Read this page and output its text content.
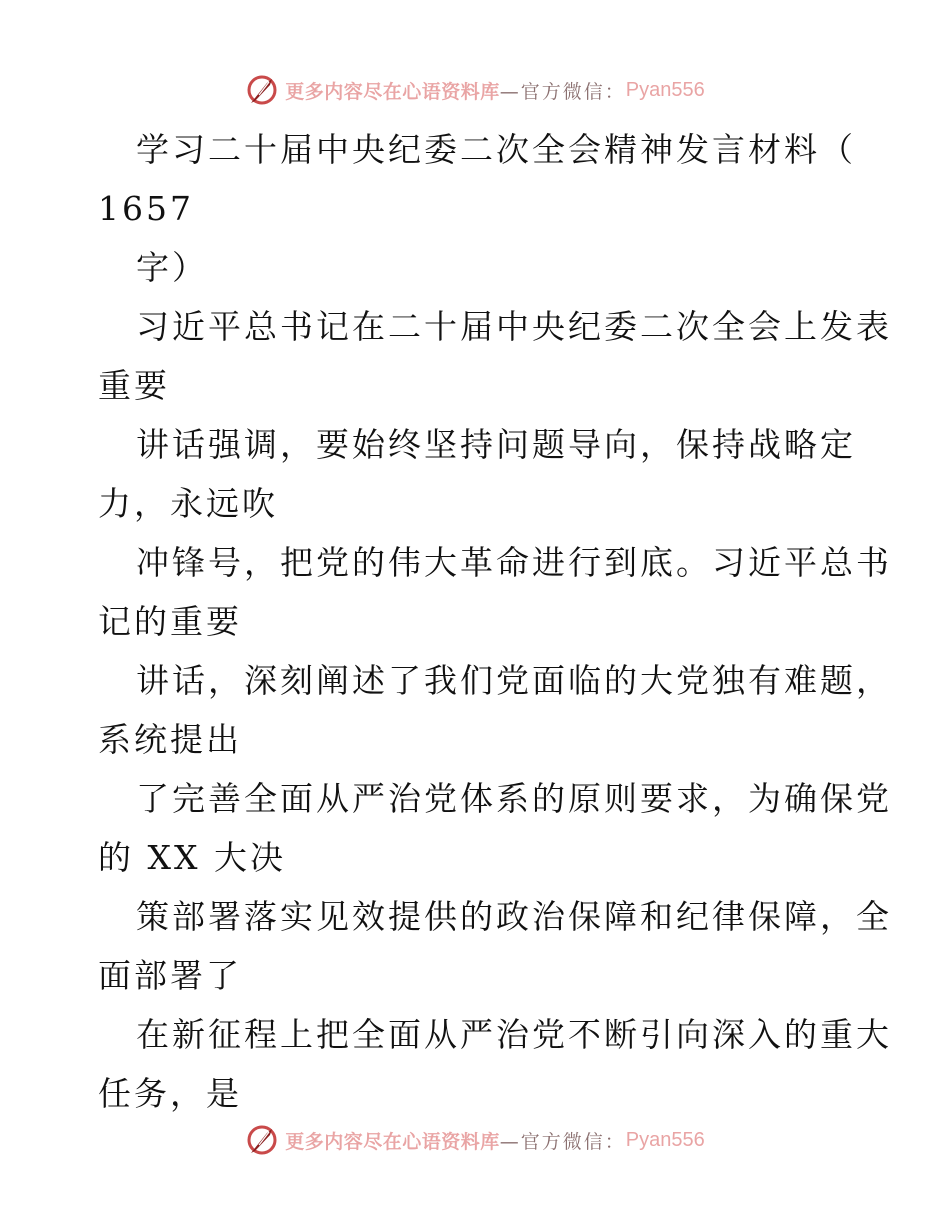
更多内容尽在心语资料库 —官方微信： Pyan556
学习二十届中央纪委二次全会精神发言材料（
1657
字）
习近平总书记在二十届中央纪委二次全会上发表
重要
讲话强调，要始终坚持问题导向，保持战略定
力，永远吹
冲锋号，把党的伟大革命进行到底。习近平总书
记的重要
讲话，深刻阐述了我们党面临的大党独有难题，
系统提出
了完善全面从严治党体系的原则要求，为确保党
的 XX 大决
策部署落实见效提供的政治保障和纪律保障，全
面部署了
在新征程上把全面从严治党不断引向深入的重大
任务，是
更多内容尽在心语资料库 —官方微信： Pyan556
